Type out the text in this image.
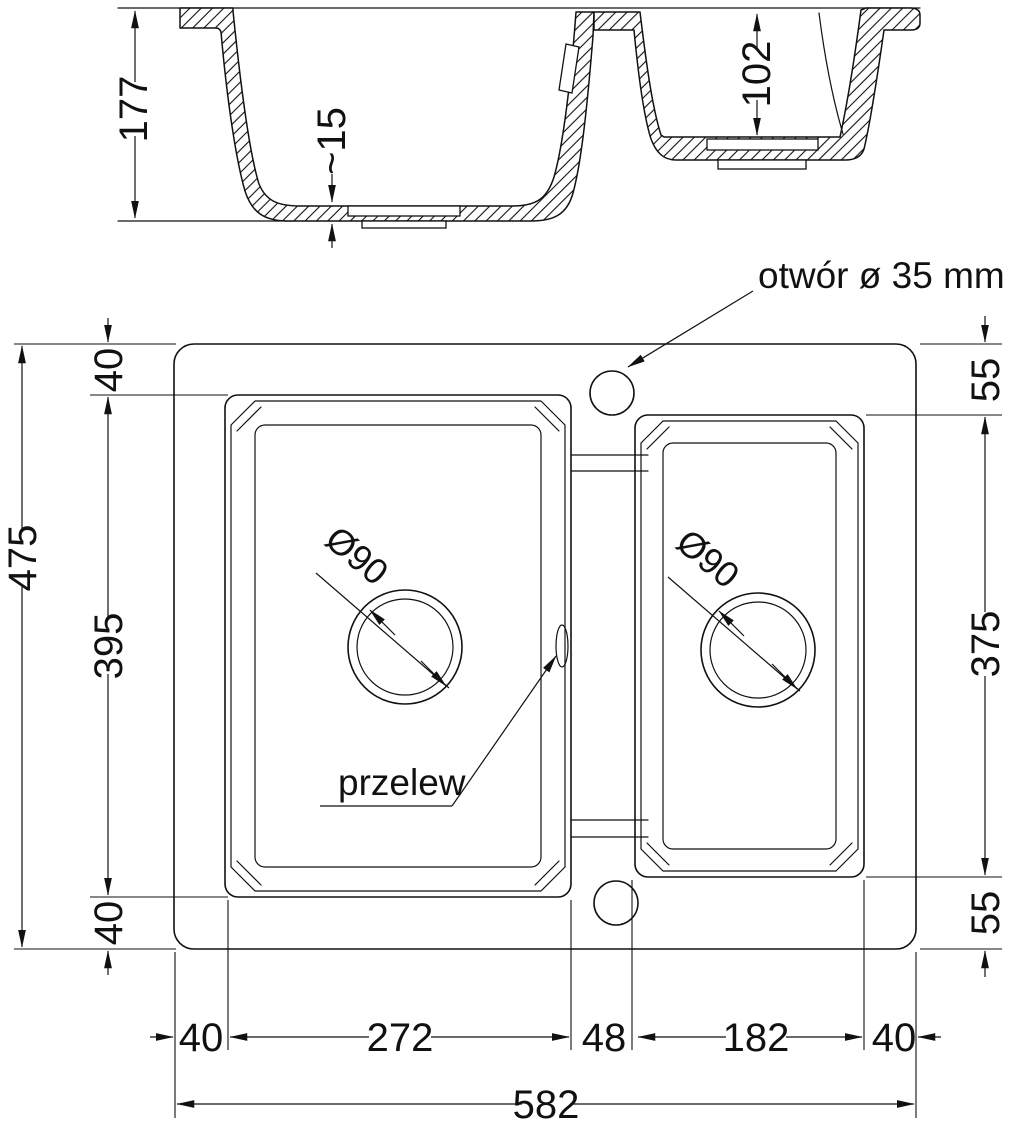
177	~15
102
Ø90	Ø90
otwór ø 35 mm
przelew
475
40
395
40
55
375
55
40	272	48 182 40
582
